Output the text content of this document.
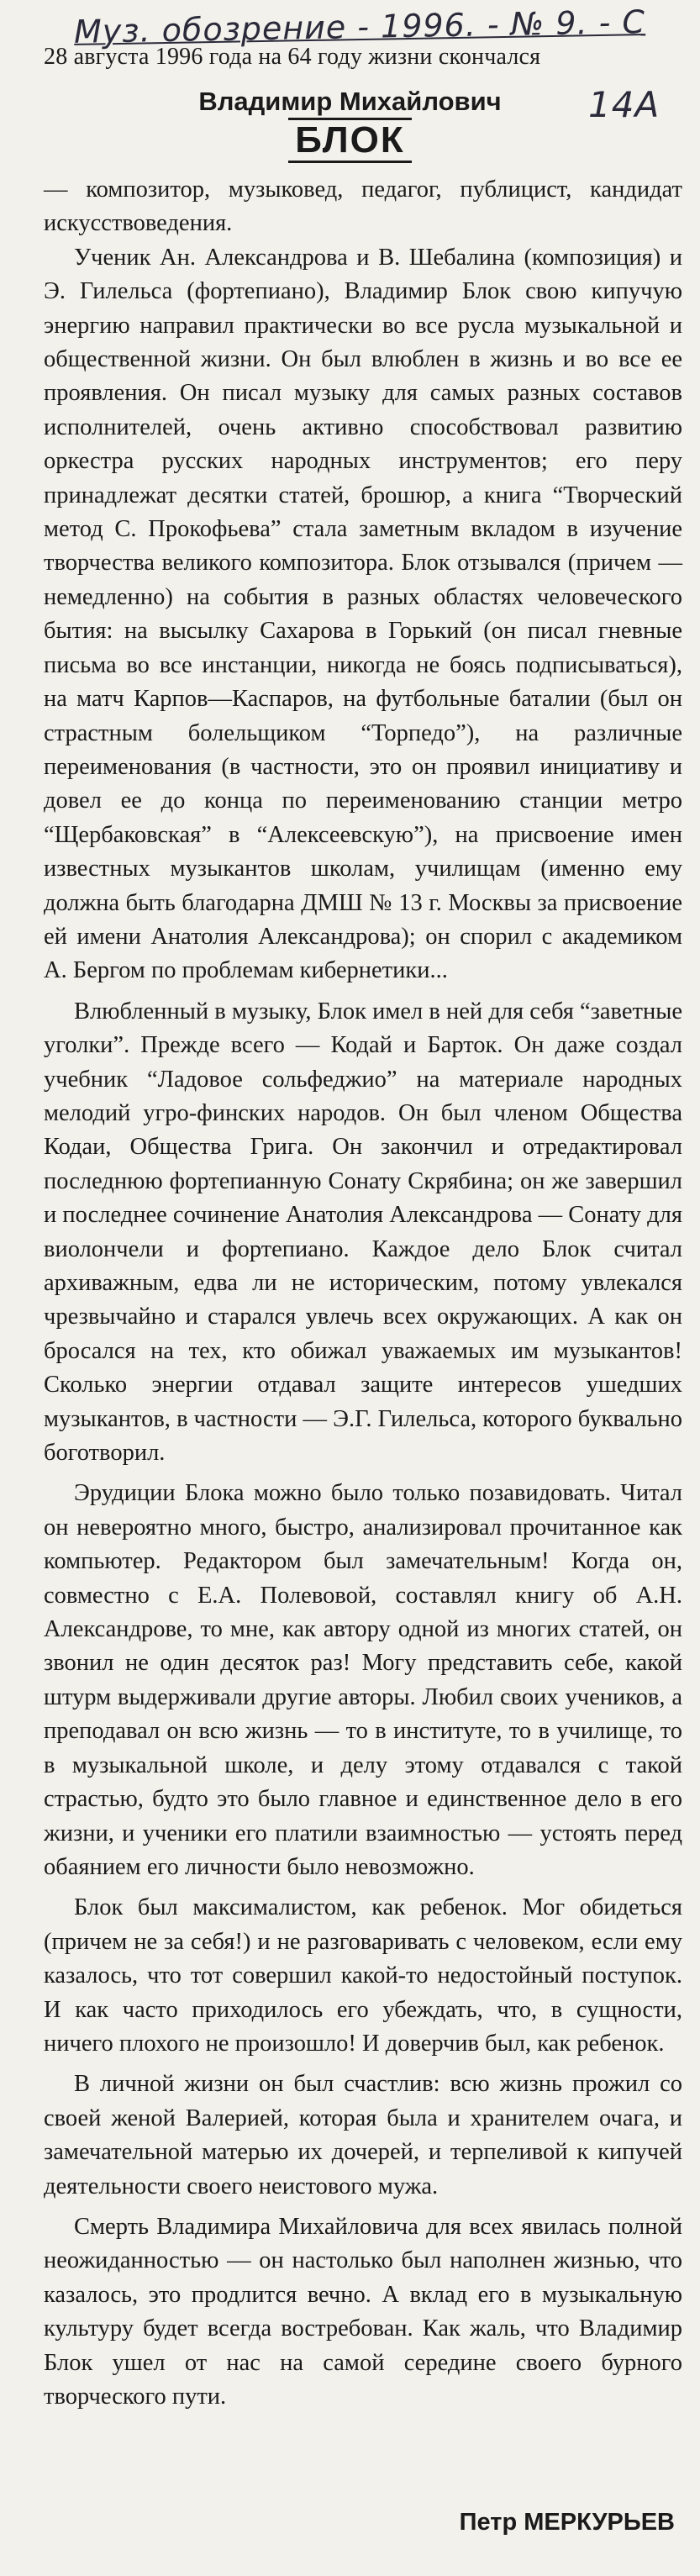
Муз. обозрение - 1996. - № 9. - С
14А
28 августа 1996 года на 64 году жизни скончался
Владимир Михайлович
БЛОК

— композитор, музыковед, педагог, публицист, кандидат искусствоведения.

Ученик Ан. Александрова и В. Шебалина (композиция) и Э. Гилельса (фортепиано), Владимир Блок свою кипучую энергию направил практически во все русла музыкальной и общественной жизни. Он был влюблен в жизнь и во все ее проявления. Он писал музыку для самых разных составов исполнителей, очень активно способствовал развитию оркестра русских народных инструментов; его перу принадлежат десятки статей, брошюр, а книга “Творческий метод С. Прокофьева” стала заметным вкладом в изучение творчества великого композитора. Блок отзывался (причем — немедленно) на события в разных областях человеческого бытия: на высылку Сахарова в Горький (он писал гневные письма во все инстанции, никогда не боясь подписываться), на матч Карпов—Каспаров, на футбольные баталии (был он страстным болельщиком “Торпедо”), на различные переименования (в частности, это он проявил инициативу и довел ее до конца по переименованию станции метро “Щербаковская” в “Алексеевскую”), на присвоение имен известных музыкантов школам, училищам (именно ему должна быть благодарна ДМШ № 13 г. Москвы за присвоение ей имени Анатолия Александрова); он спорил с академиком А. Бергом по проблемам кибернетики...

Влюбленный в музыку, Блок имел в ней для себя “заветные уголки”. Прежде всего — Кодай и Барток. Он даже создал учебник “Ладовое сольфеджио” на материале народных мелодий угро-финских народов. Он был членом Общества Кодаи, Общества Грига. Он закончил и отредактировал последнюю фортепианную Сонату Скрябина; он же завершил и последнее сочинение Анатолия Александрова — Сонату для виолончели и фортепиано. Каждое дело Блок считал архиважным, едва ли не историческим, потому увлекался чрезвычайно и старался увлечь всех окружающих. А как он бросался на тех, кто обижал уважаемых им музыкантов! Сколько энергии отдавал защите интересов ушедших музыкантов, в частности — Э.Г. Гилельса, которого буквально боготворил.

Эрудиции Блока можно было только позавидовать. Читал он невероятно много, быстро, анализировал прочитанное как компьютер. Редактором был замечательным! Когда он, совместно с Е.А. Полевовой, составлял книгу об А.Н. Александрове, то мне, как автору одной из многих статей, он звонил не один десяток раз! Могу представить себе, какой штурм выдерживали другие авторы. Любил своих учеников, а преподавал он всю жизнь — то в институте, то в училище, то в музыкальной школе, и делу этому отдавался с такой страстью, будто это было главное и единственное дело в его жизни, и ученики его платили взаимностью — устоять перед обаянием его личности было невозможно.

Блок был максималистом, как ребенок. Мог обидеться (причем не за себя!) и не разговаривать с человеком, если ему казалось, что тот совершил какой-то недостойный поступок. И как часто приходилось его убеждать, что, в сущности, ничего плохого не произошло! И доверчив был, как ребенок.

В личной жизни он был счастлив: всю жизнь прожил со своей женой Валерией, которая была и хранителем очага, и замечательной матерью их дочерей, и терпеливой к кипучей деятельности своего неистового мужа.

Смерть Владимира Михайловича для всех явилась полной неожиданностью — он настолько был наполнен жизнью, что казалось, это продлится вечно. А вклад его в музыкальную культуру будет всегда востребован. Как жаль, что Владимир Блок ушел от нас на самой середине своего бурного творческого пути.

Петр МЕРКУРЬЕВ
